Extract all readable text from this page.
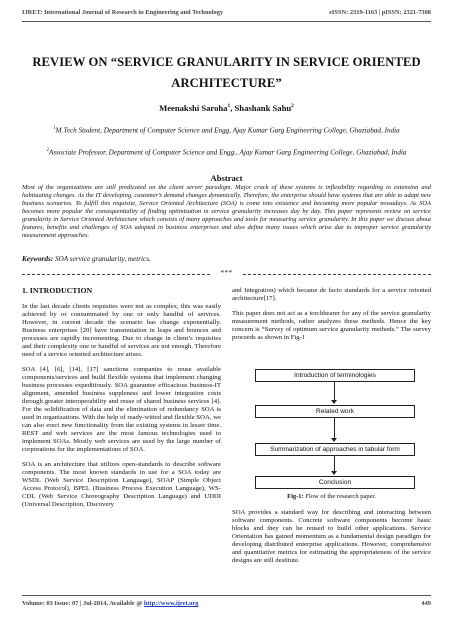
IJRET: International Journal of Research in Engineering and Technology	eISSN: 2319-1163 | pISSN: 2321-7308
REVIEW ON “SERVICE GRANULARITY IN SERVICE ORIENTED
ARCHITECTURE”
Meenakshi Saroha$^1$, Shashank Sahu$^2$
$^1$M.Tech Student, Department of Computer Science and Engg, Ajay Kumar Garg Engineering College, Ghaziabad, India
$^2$Associate Professor, Department of Computer Science and Engg., Ajay Kumar Garg Engineering College, Ghaziabad, India
Abstract
Most of the organizations are still predicated on the client server paradigm. Major crack of these systems is inflexibility regarding to extension and habituating changes. As the IT developing, customer’s demand changes dynamically. Therefore, the enterprise should have systems that are able to adapt new business scenarios. To fulfill this requisite, Service Oriented Architecture (SOA) is come into existence and becoming more popular nowadays. As SOA becomes more popular the consequentiality of finding optimization in service granularity increases day by day. This paper represents review on service granularity in Service Oriented Architecture which consists of many approaches and tools for measuring service granularity. In this paper we discuss about features, benefits and challenges of SOA adopted in business enterprises and also define many issues which arise due to improper service granularity measurement approaches.
Keywords: SOA service granularity, metrics.
***
1. INTRODUCTION

In the last decade clients requisites were not as complex, this was easily achieved by or consummated by one or only handful of services. However, in current decade the scenario has change exponentially. Business enterprises [20] have transmutation in leaps and bounces and processes are rapidly incrementing. Due to change in client’s requisites and their complexity one or handful of services are not enough. Therefore need of a service oriented architecture arises.

SOA [4], [6], [14], [17] sanctions companies to reuse available components/services and build flexible systems that implement changing business processes expeditiously. SOA guarantee efficacious business-IT alignment, amended business suppleness and lower integration costs through greater interoperability and reuse of shared business services [4]. For the solidification of data and the elimination of redundancy SOA is used in organizations. With the help of ready-witted and flexible SOA, we can also erect new functionality from the existing systems in lesser time. REST and web services are the most famous technologies used to implement SOAs. Mostly web services are used by the large number of corporations for the implementations of SOA.

SOA is an architecture that utilizes open-standards to describe software components. The most known standards in use for a SOA today are WSDL (Web Service Description Language), SOAP (Simple Object Access Protocol), BPEL (Business Process Execution Language), WS-CDL (Web Service Choreography Description Language) and UDDI (Universal Description, Discovery

and Integration) which became de facto standards for a service oriented architecture[17].

This paper does not act as a torchbearer for any of the service granularity measurement methods, rather analyzes these methods. Hence the key concern is “Survey of optimum service granularity methods.” The survey proceeds as shown in Fig-1

Introduction of terminologies
Related work
Summarization of approaches in tabular form
Conclusion
Fig-1: Flow of the research paper.

SOA provides a standard way for describing and interacting between software components. Concrete software components become basic blocks and they can be reused to build other applications. Service Orientation has gained momentum as a fundamental design paradigm for developing distributed enterprise applications. However, comprehensive and quantitative metrics for estimating the appropriateness of the service designs are still destitute.

Volume: 03 Issue: 07 | Jul-2014, Available @ http://www.ijret.org	449
